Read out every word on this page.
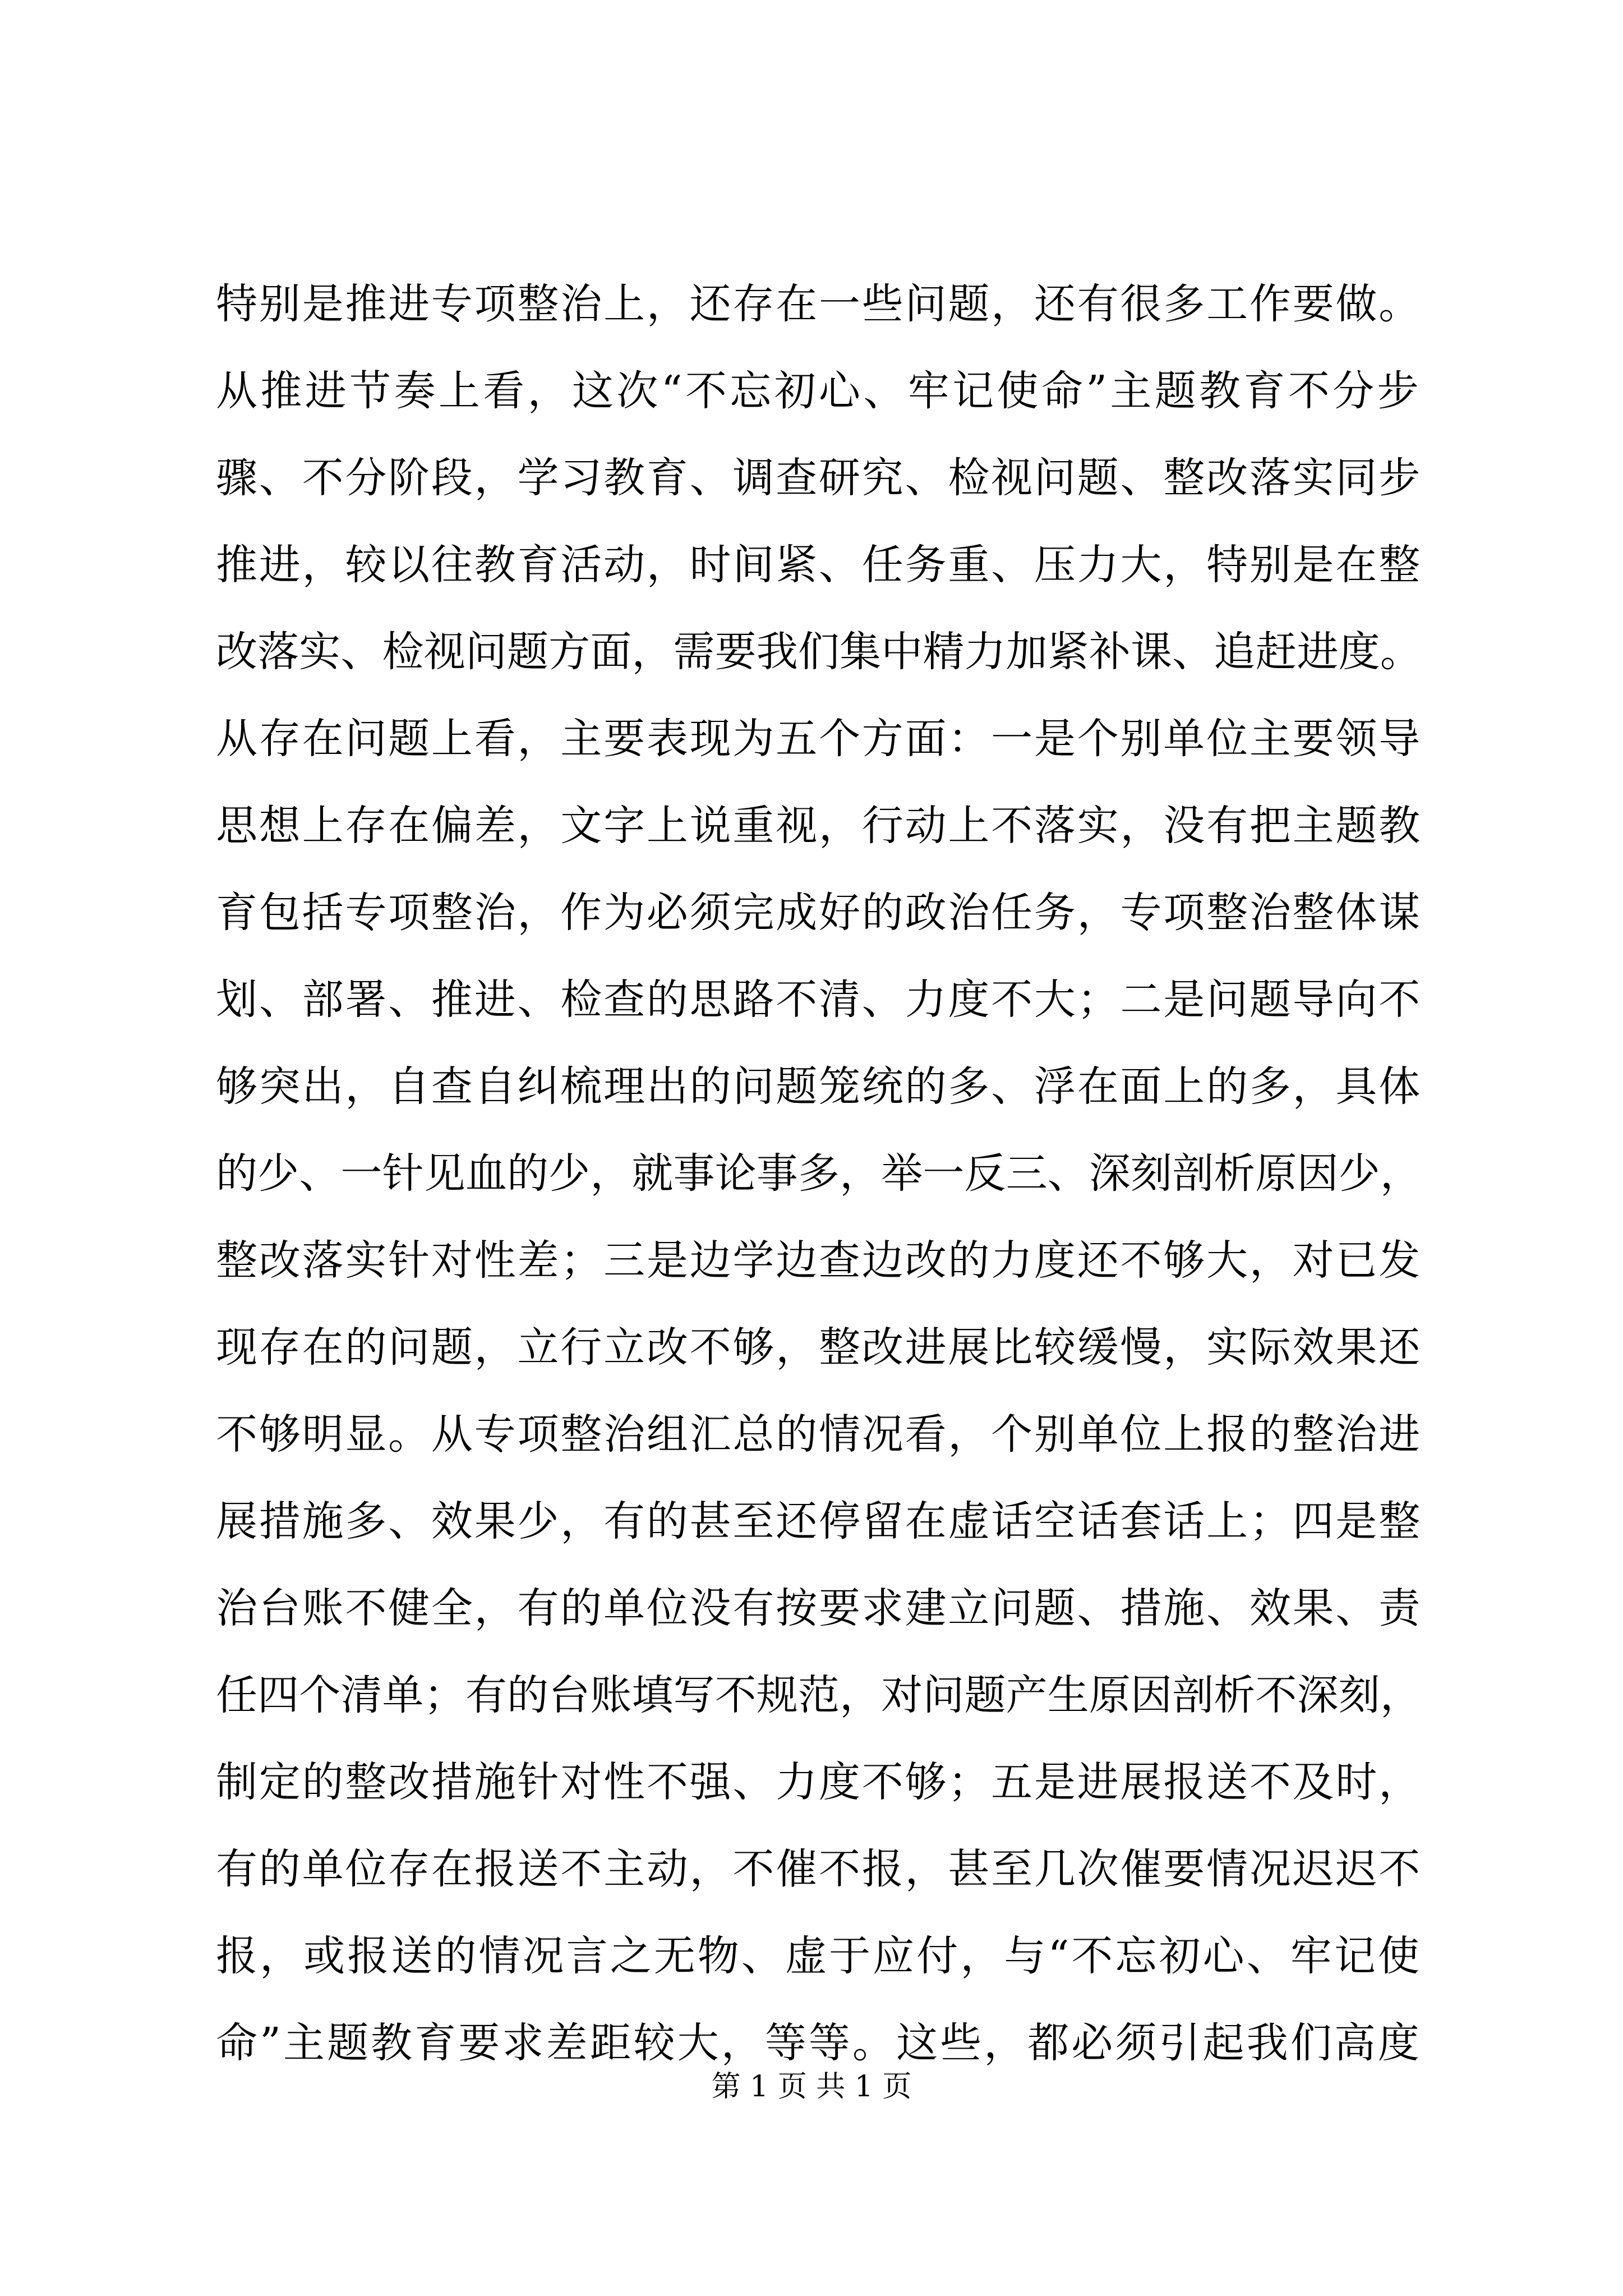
特别是推进专项整治上，还存在一些问题，还有很多工作要做。
从推进节奏上看，这次“不忘初心、牢记使命”主题教育不分步
骤、不分阶段，学习教育、调查研究、检视问题、整改落实同步
推进，较以往教育活动，时间紧、任务重、压力大，特别是在整
改落实、检视问题方面，需要我们集中精力加紧补课、追赶进度。
从存在问题上看，主要表现为五个方面：一是个别单位主要领导
思想上存在偏差，文字上说重视，行动上不落实，没有把主题教
育包括专项整治，作为必须完成好的政治任务，专项整治整体谋
划、部署、推进、检查的思路不清、力度不大；二是问题导向不
够突出，自查自纠梳理出的问题笼统的多、浮在面上的多，具体
的少、一针见血的少，就事论事多，举一反三、深刻剖析原因少，
整改落实针对性差；三是边学边查边改的力度还不够大，对已发
现存在的问题，立行立改不够，整改进展比较缓慢，实际效果还
不够明显。从专项整治组汇总的情况看，个别单位上报的整治进
展措施多、效果少，有的甚至还停留在虚话空话套话上；四是整
治台账不健全，有的单位没有按要求建立问题、措施、效果、责
任四个清单；有的台账填写不规范，对问题产生原因剖析不深刻，
制定的整改措施针对性不强、力度不够；五是进展报送不及时，
有的单位存在报送不主动，不催不报，甚至几次催要情况迟迟不
报，或报送的情况言之无物、虚于应付，与“不忘初心、牢记使
命”主题教育要求差距较大，等等。这些，都必须引起我们高度
第 1 页 共 1 页
